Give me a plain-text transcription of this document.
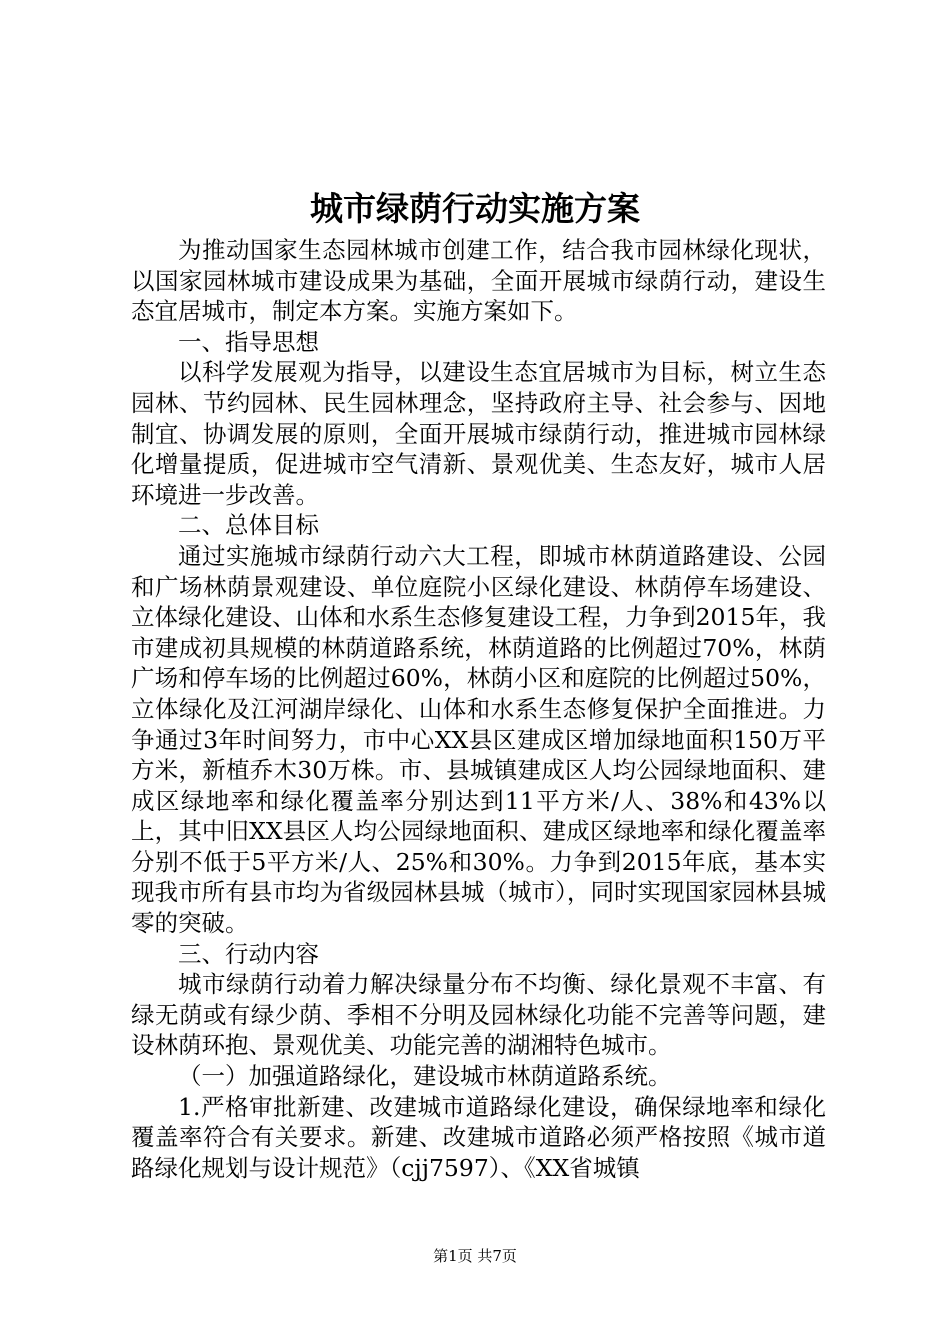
城市绿荫行动实施方案

为推动国家生态园林城市创建工作，结合我市园林绿化现状，以国家园林城市建设成果为基础，全面开展城市绿荫行动，建设生态宜居城市，制定本方案。实施方案如下。

一、指导思想

以科学发展观为指导，以建设生态宜居城市为目标，树立生态园林、节约园林、民生园林理念，坚持政府主导、社会参与、因地制宜、协调发展的原则，全面开展城市绿荫行动，推进城市园林绿化增量提质，促进城市空气清新、景观优美、生态友好，城市人居环境进一步改善。

二、总体目标

通过实施城市绿荫行动六大工程，即城市林荫道路建设、公园和广场林荫景观建设、单位庭院小区绿化建设、林荫停车场建设、立体绿化建设、山体和水系生态修复建设工程，力争到2015年，我市建成初具规模的林荫道路系统，林荫道路的比例超过70%，林荫广场和停车场的比例超过60%，林荫小区和庭院的比例超过50%，立体绿化及江河湖岸绿化、山体和水系生态修复保护全面推进。力争通过3年时间努力，市中心XX县区建成区增加绿地面积150万平方米，新植乔木30万株。市、县城镇建成区人均公园绿地面积、建成区绿地率和绿化覆盖率分别达到11平方米/人、38%和43%以上，其中旧XX县区人均公园绿地面积、建成区绿地率和绿化覆盖率分别不低于5平方米/人、25%和30%。力争到2015年底，基本实现我市所有县市均为省级园林县城（城市），同时实现国家园林县城零的突破。

三、行动内容

城市绿荫行动着力解决绿量分布不均衡、绿化景观不丰富、有绿无荫或有绿少荫、季相不分明及园林绿化功能不完善等问题，建设林荫环抱、景观优美、功能完善的湖湘特色城市。

（一）加强道路绿化，建设城市林荫道路系统。

1.严格审批新建、改建城市道路绿化建设，确保绿地率和绿化覆盖率符合有关要求。新建、改建城市道路必须严格按照《城市道路绿化规划与设计规范》（cjj7597）、《XX省城镇

第1页 共7页
